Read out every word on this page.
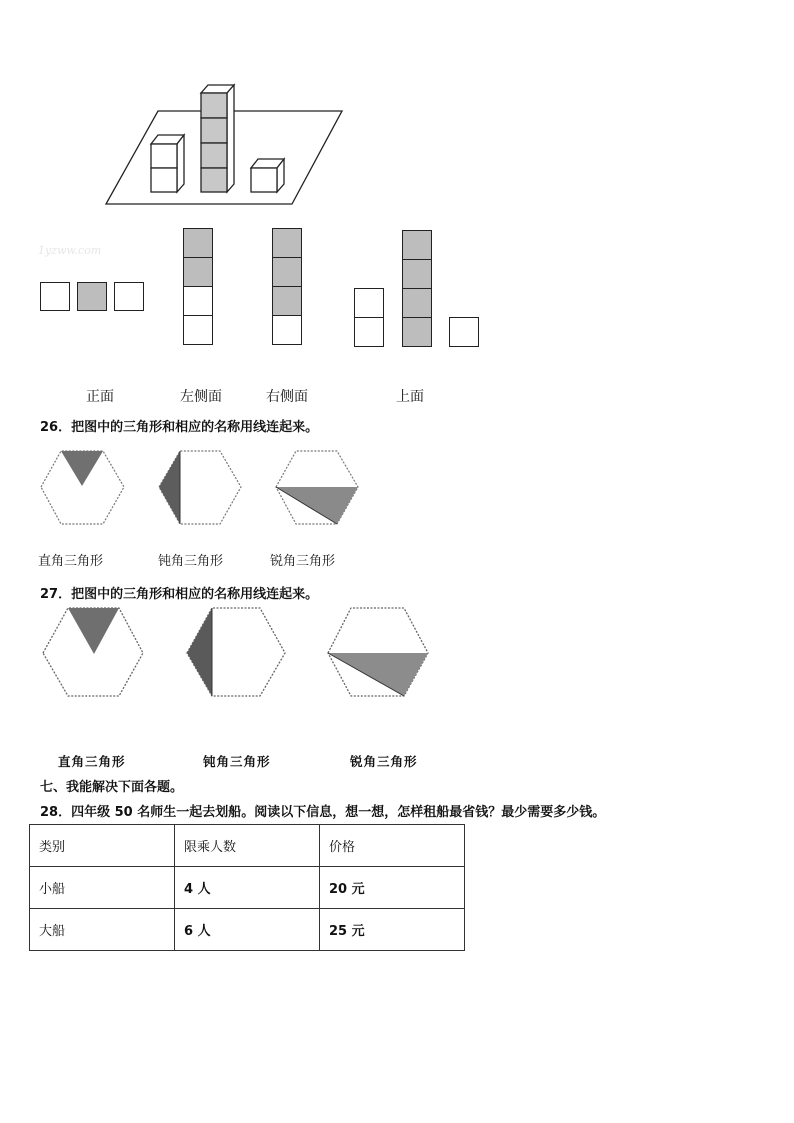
1yzww.com
正面	左侧面	右侧面	上面
26．把图中的三角形和相应的名称用线连起来。
直角三角形	钝角三角形	锐角三角形
27．把图中的三角形和相应的名称用线连起来。
直角三角形	钝角三角形	锐角三角形
七、我能解决下面各题。
28．四年级 50 名师生一起去划船。阅读以下信息，想一想，怎样租船最省钱？最少需要多少钱。
类别	限乘人数	价格
小船	4 人	20 元
大船	6 人	25 元
